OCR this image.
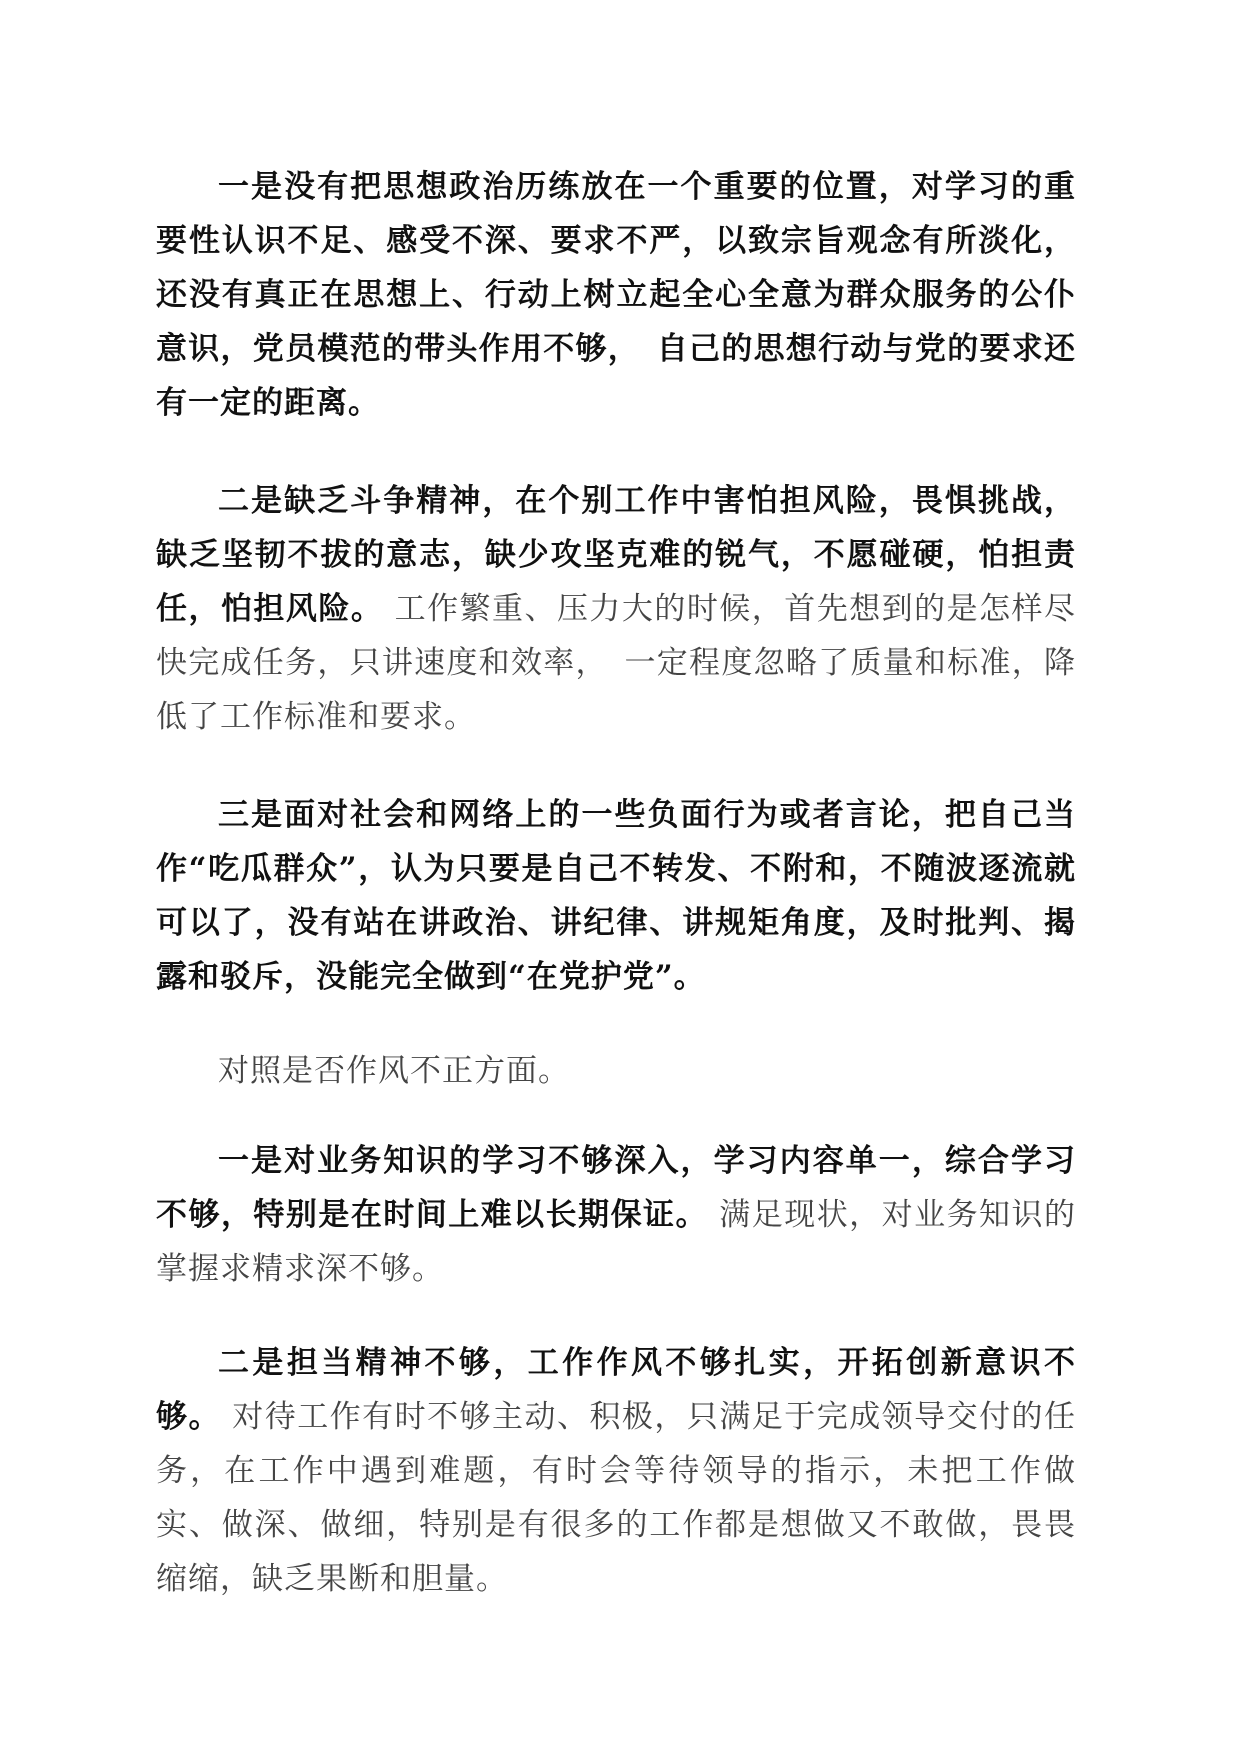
一是没有把思想政治历练放在一个重要的位置，对学习的重要性认识不足、感受不深、要求不严，以致宗旨观念有所淡化，还没有真正在思想上、行动上树立起全心全意为群众服务的公仆意识，党员模范的带头作用不够，　自己的思想行动与党的要求还有一定的距离。

二是缺乏斗争精神，在个别工作中害怕担风险，畏惧挑战，缺乏坚韧不拔的意志，缺少攻坚克难的锐气，不愿碰硬，怕担责任，怕担风险。 工作繁重、压力大的时候，首先想到的是怎样尽快完成任务，只讲速度和效率，　一定程度忽略了质量和标准，降低了工作标准和要求。

三是面对社会和网络上的一些负面行为或者言论，把自己当作“吃瓜群众”，认为只要是自己不转发、不附和，不随波逐流就可以了，没有站在讲政治、讲纪律、讲规矩角度，及时批判、揭露和驳斥，没能完全做到“在党护党”。

对照是否作风不正方面。

一是对业务知识的学习不够深入，学习内容单一，综合学习不够，特别是在时间上难以长期保证。 满足现状，对业务知识的掌握求精求深不够。

二是担当精神不够，工作作风不够扎实，开拓创新意识不够。 对待工作有时不够主动、积极，只满足于完成领导交付的任务，在工作中遇到难题，有时会等待领导的指示，未把工作做实、做深、做细，特别是有很多的工作都是想做又不敢做，畏畏缩缩，缺乏果断和胆量。
